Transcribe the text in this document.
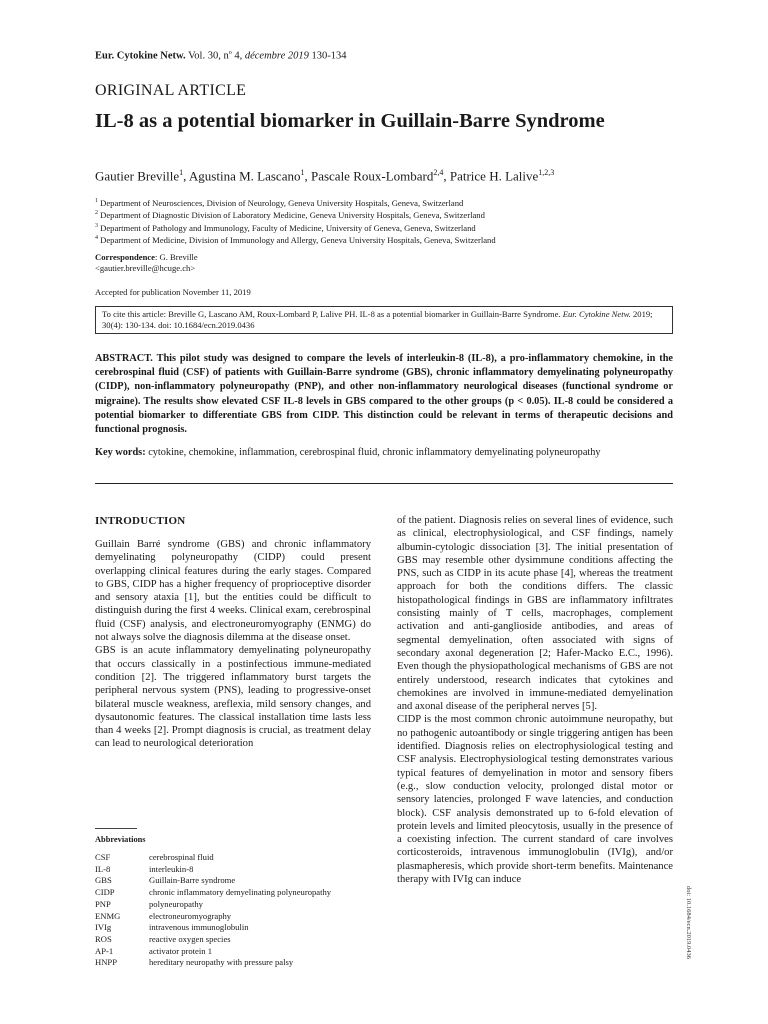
Eur. Cytokine Netw. Vol. 30, $n^o$ 4, décembre 2019 130-134
ORIGINAL ARTICLE
IL-8 as a potential biomarker in Guillain-Barre Syndrome
Gautier Breville$^1$, Agustina M. Lascano$^1$, Pascale Roux-Lombard$^{2,4}$, Patrice H. Lalive$^{1,2,3}$
$^1$ Department of Neurosciences, Division of Neurology, Geneva University Hospitals, Geneva, Switzerland
$^2$ Department of Diagnostic Division of Laboratory Medicine, Geneva University Hospitals, Geneva, Switzerland
$^3$ Department of Pathology and Immunology, Faculty of Medicine, University of Geneva, Geneva, Switzerland
$^4$ Department of Medicine, Division of Immunology and Allergy, Geneva University Hospitals, Geneva, Switzerland
Correspondence: G. Breville
<gautier.breville@hcuge.ch>
Accepted for publication November 11, 2019
To cite this article: Breville G, Lascano AM, Roux-Lombard P, Lalive PH. IL-8 as a potential biomarker in Guillain-Barre Syndrome. Eur. Cytokine Netw. 2019; 30(4): 130-134. doi: 10.1684/ecn.2019.0436
ABSTRACT. This pilot study was designed to compare the levels of interleukin-8 (IL-8), a pro-inflammatory chemokine, in the cerebrospinal fluid (CSF) of patients with Guillain-Barre syndrome (GBS), chronic inflammatory demyelinating polyneuropathy (CIDP), non-inflammatory polyneuropathy (PNP), and other non-inflammatory neurological diseases (functional syndrome or migraine). The results show elevated CSF IL-8 levels in GBS compared to the other groups (p < 0.05). IL-8 could be considered a potential biomarker to differentiate GBS from CIDP. This distinction could be relevant in terms of therapeutic decisions and functional prognosis.
Key words: cytokine, chemokine, inflammation, cerebrospinal fluid, chronic inflammatory demyelinating polyneuropathy
INTRODUCTION

Guillain Barré syndrome (GBS) and chronic inflammatory demyelinating polyneuropathy (CIDP) could present overlapping clinical features during the early stages. Compared to GBS, CIDP has a higher frequency of proprioceptive disorder and sensory ataxia [1], but the entities could be difficult to distinguish during the first 4 weeks. Clinical exam, cerebrospinal fluid (CSF) analysis, and electroneuromyography (ENMG) do not always solve the diagnosis dilemma at the disease onset.

GBS is an acute inflammatory demyelinating polyneuropathy that occurs classically in a postinfectious immune-mediated condition [2]. The triggered inflammatory burst targets the peripheral nervous system (PNS), leading to progressive-onset bilateral muscle weakness, areflexia, mild sensory changes, and dysautonomic features. The classical installation time lasts less than 4 weeks [2]. Prompt diagnosis is crucial, as treatment delay can lead to neurological deterioration

of the patient. Diagnosis relies on several lines of evidence, such as clinical, electrophysiological, and CSF findings, namely albumin-cytologic dissociation [3]. The initial presentation of GBS may resemble other dysimmune conditions affecting the PNS, such as CIDP in its acute phase [4], whereas the treatment approach for both the conditions differs. The classic histopathological findings in GBS are inflammatory infiltrates consisting mainly of T cells, macrophages, complement activation and anti-ganglioside antibodies, and areas of segmental demyelination, often associated with signs of secondary axonal degeneration [2; Hafer-Macko E.C., 1996). Even though the physiopathological mechanisms of GBS are not entirely understood, research indicates that cytokines and chemokines are involved in immune-mediated demyelination and axonal disease of the peripheral nerves [5].

CIDP is the most common chronic autoimmune neuropathy, but no pathogenic autoantibody or single triggering antigen has been identified. Diagnosis relies on electrophysiological testing and CSF analysis. Electrophysiological testing demonstrates various typical features of demyelination in motor and sensory fibers (e.g., slow conduction velocity, prolonged distal motor or sensory latencies, prolonged F wave latencies, and conduction block). CSF analysis demonstrated up to 6-fold elevation of protein levels and limited pleocytosis, usually in the presence of a coexisting infection. The current standard of care involves corticosteroids, intravenous immunoglobulin (IVIg), and/or plasmapheresis, which provide short-term benefits. Maintenance therapy with IVIg can induce

Abbreviations
CSF	cerebrospinal fluid
IL-8	interleukin-8
GBS	Guillain-Barre syndrome
CIDP	chronic inflammatory demyelinating polyneuropathy
PNP	polyneuropathy
ENMG	electroneuromyography
IVIg	intravenous immunoglobulin
ROS	reactive oxygen species
AP-1	activator protein 1
HNPP	hereditary neuropathy with pressure palsy
doi: 10.1684/ecn.2019.0436
